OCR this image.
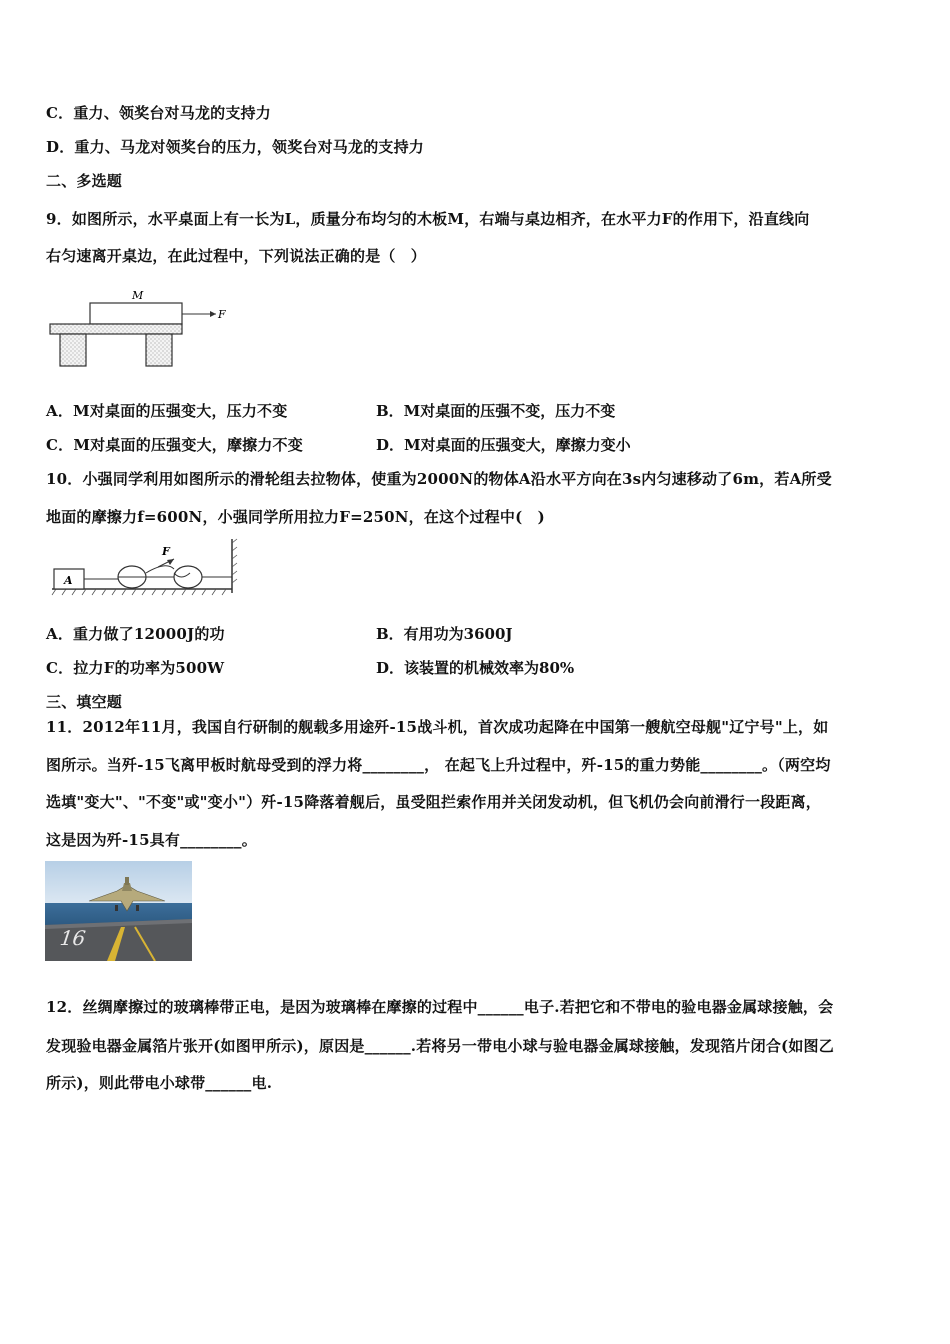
C．重力、领奖台对马龙的支持力
D．重力、马龙对领奖台的压力，领奖台对马龙的支持力
二、多选题
9．如图所示，水平桌面上有一长为L，质量分布均匀的木板M，右端与桌边相齐，在水平力F的作用下，沿直线向
右匀速离开桌边，在此过程中，下列说法正确的是（　）
M
F
A．M对桌面的压强变大，压力不变	B．M对桌面的压强不变，压力不变
C．M对桌面的压强变大，摩擦力不变	D．M对桌面的压强变大，摩擦力变小
10．小强同学利用如图所示的滑轮组去拉物体，使重为2000N的物体A沿水平方向在3s内匀速移动了6m，若A所受
地面的摩擦力f=600N，小强同学所用拉力F=250N，在这个过程中(　)
A
F
A．重力做了12000J的功	B．有用功为3600J
C．拉力F的功率为500W	D．该装置的机械效率为80%
三、填空题
11．2012年11月，我国自行研制的舰载多用途歼-15战斗机，首次成功起降在中国第一艘航空母舰"辽宁号"上，如
图所示。当歼-15飞离甲板时航母受到的浮力将________， 在起飞上升过程中，歼-15的重力势能________。（两空均
选填"变大"、"不变"或"变小"）歼-15降落着舰后，虽受阻拦索作用并关闭发动机，但飞机仍会向前滑行一段距离，
这是因为歼-15具有________。
16
12．丝绸摩擦过的玻璃棒带正电，是因为玻璃棒在摩擦的过程中______电子.若把它和不带电的验电器金属球接触，会
发现验电器金属箔片张开(如图甲所示)，原因是______.若将另一带电小球与验电器金属球接触，发现箔片闭合(如图乙
所示)，则此带电小球带______电.
